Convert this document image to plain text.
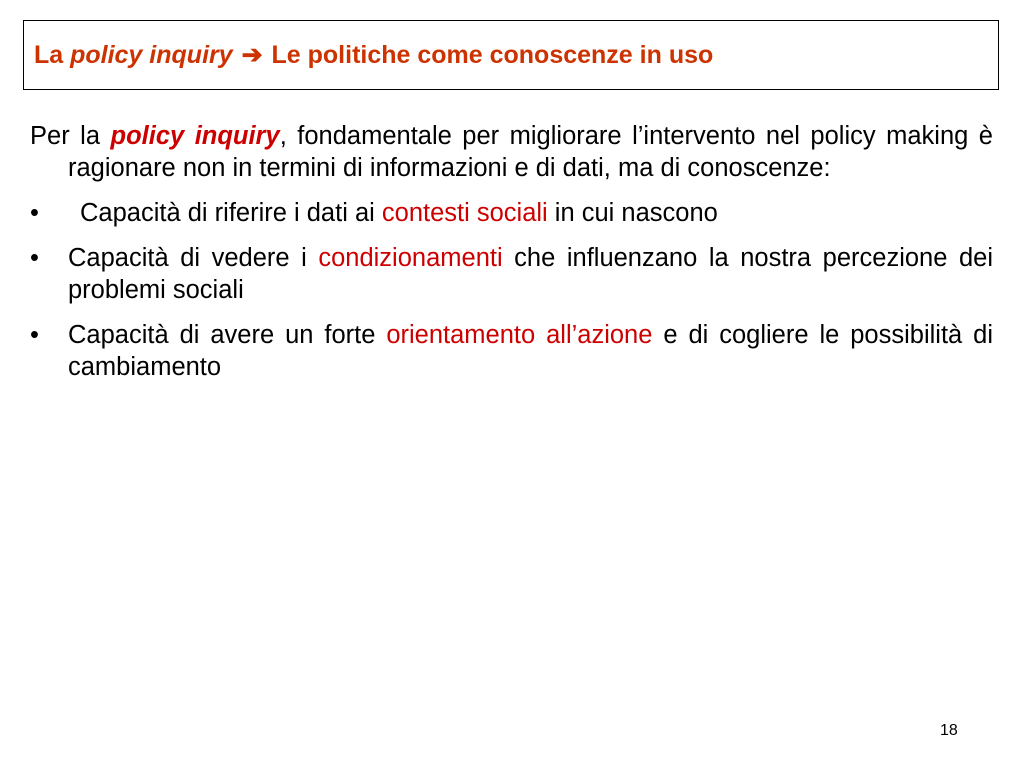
La policy inquiry ➔ Le politiche come conoscenze in uso

Per la policy inquiry, fondamentale per migliorare l’intervento nel policy making è ragionare non in termini di informazioni e di dati, ma di conoscenze:

•	Capacità di riferire i dati ai contesti sociali in cui nascono
• Capacità di vedere i condizionamenti che influenzano la nostra percezione dei problemi sociali
• Capacità di avere un forte orientamento all’azione e di cogliere le possibilità di cambiamento
18
